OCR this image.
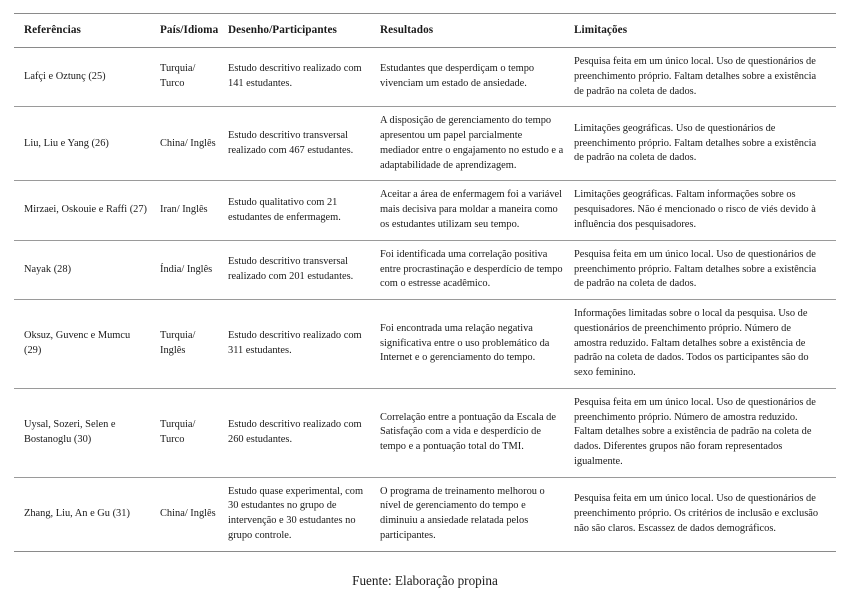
Referências	País/Idioma	Desenho/Participantes	Resultados	Limitações
Lafçi e Oztunç (25)	Turquia/ Turco	Estudo descritivo realizado com 141 estudantes.	Estudantes que desperdiçam o tempo vivenciam um estado de ansiedade.	Pesquisa feita em um único local. Uso de questionários de preenchimento próprio. Faltam detalhes sobre a existência de padrão na coleta de dados.
Liu, Liu e Yang (26)	China/ Inglês	Estudo descritivo transversal realizado com 467 estudantes.	A disposição de gerenciamento do tempo apresentou um papel parcialmente mediador entre o engajamento no estudo e a adaptabilidade de aprendizagem.	Limitações geográficas. Uso de questionários de preenchimento próprio. Faltam detalhes sobre a existência de padrão na coleta de dados.
Mirzaei, Oskouie e Raffi (27)	Iran/ Inglês	Estudo qualitativo com 21 estudantes de enfermagem.	Aceitar a área de enfermagem foi a variável mais decisiva para moldar a maneira como os estudantes utilizam seu tempo.	Limitações geográficas. Faltam informações sobre os pesquisadores. Não é mencionado o risco de viés devido à influência dos pesquisadores.
Nayak (28)	Índia/ Inglês	Estudo descritivo transversal realizado com 201 estudantes.	Foi identificada uma correlação positiva entre procrastinação e desperdício de tempo com o estresse acadêmico.	Pesquisa feita em um único local. Uso de questionários de preenchimento próprio. Faltam detalhes sobre a existência de padrão na coleta de dados.
Oksuz, Guvenc e Mumcu (29)	Turquia/ Inglês	Estudo descritivo realizado com 311 estudantes.	Foi encontrada uma relação negativa significativa entre o uso problemático da Internet e o gerenciamento do tempo.	Informações limitadas sobre o local da pesquisa. Uso de questionários de preenchimento próprio. Número de amostra reduzido. Faltam detalhes sobre a existência de padrão na coleta de dados. Todos os participantes são do sexo feminino.
Uysal, Sozeri, Selen e Bostanoglu (30)	Turquia/ Turco	Estudo descritivo realizado com 260 estudantes.	Correlação entre a pontuação da Escala de Satisfação com a vida e desperdício de tempo e a pontuação total do TMI.	Pesquisa feita em um único local. Uso de questionários de preenchimento próprio. Número de amostra reduzido. Faltam detalhes sobre a existência de padrão na coleta de dados. Diferentes grupos não foram representados igualmente.
Zhang, Liu, An e Gu (31)	China/ Inglês	Estudo quase experimental, com 30 estudantes no grupo de intervenção e 30 estudantes no grupo controle.	O programa de treinamento melhorou o nível de gerenciamento do tempo e diminuiu a ansiedade relatada pelos participantes.	Pesquisa feita em um único local. Uso de questionários de preenchimento próprio. Os critérios de inclusão e exclusão não são claros. Escassez de dados demográficos.
Fuente: Elaboração propina
